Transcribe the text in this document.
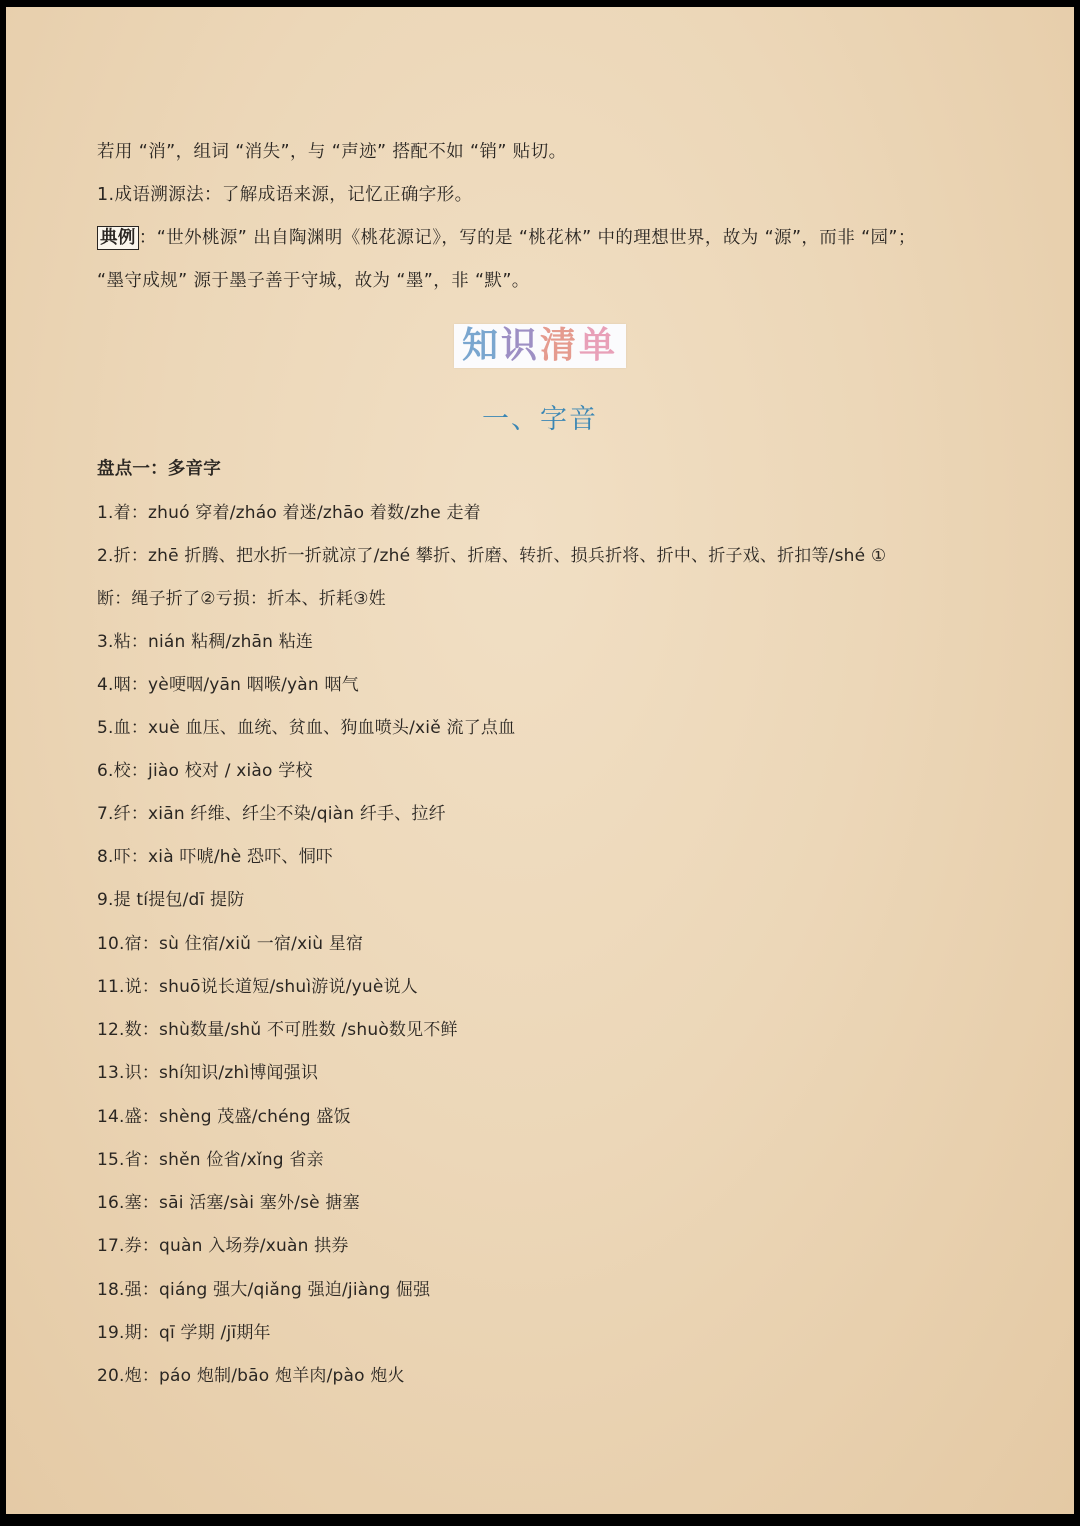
若用 “消”，组词 “消失”，与 “声迹” 搭配不如 “销” 贴切。
1.成语溯源法：了解成语来源，记忆正确字形。
典例 ：“世外桃源” 出自陶渊明《桃花源记》，写的是 “桃花林” 中的理想世界，故为 “源”，而非 “园”；
“墨守成规” 源于墨子善于守城，故为 “墨”，非 “默”。
知识清单
一、字音
盘点一：多音字
1.着：zhuó 穿着/zháo 着迷/zhāo 着数/zhe 走着
2.折：zhē 折腾、把水折一折就凉了/zhé 攀折、折磨、转折、损兵折将、折中、折子戏、折扣等/shé ①
断：绳子折了②亏损：折本、折耗③姓
3.粘：nián 粘稠/zhān 粘连
4.咽：yè哽咽/yān 咽喉/yàn 咽气
5.血：xuè 血压、血统、贫血、狗血喷头/xiě 流了点血
6.校：jiào 校对 / xiào 学校
7.纤：xiān 纤维、纤尘不染/qiàn 纤手、拉纤
8.吓：xià 吓唬/hè 恐吓、恫吓
9.提 tí提包/dī 提防
10.宿：sù 住宿/xiǔ 一宿/xiù 星宿
11.说：shuō说长道短/shuì游说/yuè说人
12.数：shù数量/shǔ 不可胜数 /shuò数见不鲜
13.识：shí知识/zhì博闻强识
14.盛：shèng 茂盛/chéng 盛饭
15.省：shěn 俭省/xǐng 省亲
16.塞：sāi 活塞/sài 塞外/sè 搪塞
17.券：quàn 入场券/xuàn 拱券
18.强：qiáng 强大/qiǎng 强迫/jiàng 倔强
19.期：qī 学期 /jī期年
20.炮：páo 炮制/bāo 炮羊肉/pào 炮火
